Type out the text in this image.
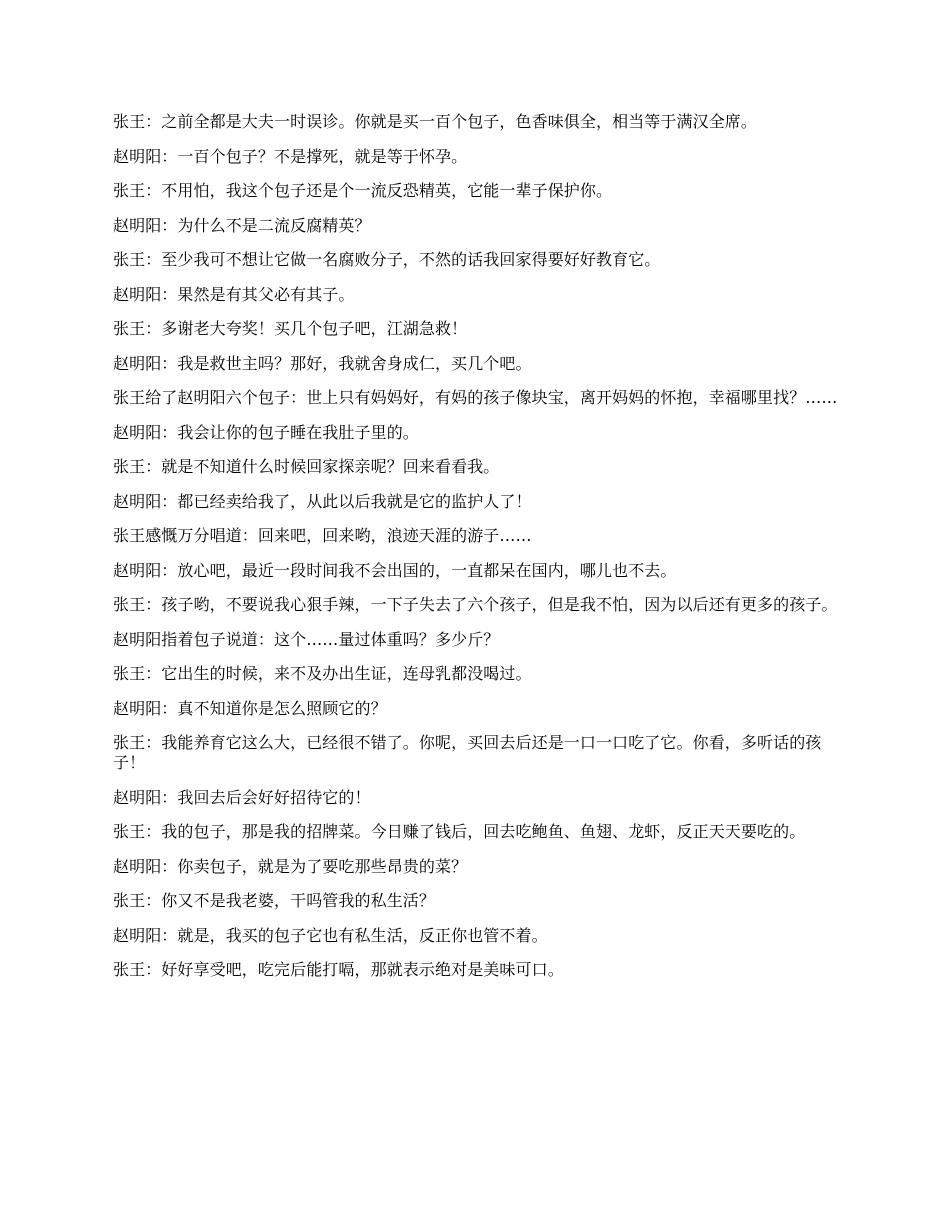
张王：之前全都是大夫一时误诊。你就是买一百个包子，色香味俱全，相当等于满汉全席。

赵明阳：一百个包子？不是撑死，就是等于怀孕。

张王：不用怕，我这个包子还是个一流反恐精英，它能一辈子保护你。

赵明阳：为什么不是二流反腐精英？

张王：至少我可不想让它做一名腐败分子，不然的话我回家得要好好教育它。

赵明阳：果然是有其父必有其子。

张王：多谢老大夸奖！买几个包子吧，江湖急救！

赵明阳：我是救世主吗？那好，我就舍身成仁，买几个吧。

张王给了赵明阳六个包子：世上只有妈妈好，有妈的孩子像块宝，离开妈妈的怀抱，幸福哪里找？……

赵明阳：我会让你的包子睡在我肚子里的。

张王：就是不知道什么时候回家探亲呢？回来看看我。

赵明阳：都已经卖给我了，从此以后我就是它的监护人了！

张王感慨万分唱道：回来吧，回来哟，浪迹天涯的游子……

赵明阳：放心吧，最近一段时间我不会出国的，一直都呆在国内，哪儿也不去。

张王：孩子哟，不要说我心狠手辣，一下子失去了六个孩子，但是我不怕，因为以后还有更多的孩子。

赵明阳指着包子说道：这个……量过体重吗？多少斤？

张王：它出生的时候，来不及办出生证，连母乳都没喝过。

赵明阳：真不知道你是怎么照顾它的？

张王：我能养育它这么大，已经很不错了。你呢，买回去后还是一口一口吃了它。你看，多听话的孩子！

赵明阳：我回去后会好好招待它的！

张王：我的包子，那是我的招牌菜。今日赚了钱后，回去吃鲍鱼、鱼翅、龙虾，反正天天要吃的。

赵明阳：你卖包子，就是为了要吃那些昂贵的菜？

张王：你又不是我老婆，干吗管我的私生活？

赵明阳：就是，我买的包子它也有私生活，反正你也管不着。

张王：好好享受吧，吃完后能打嗝，那就表示绝对是美味可口。
